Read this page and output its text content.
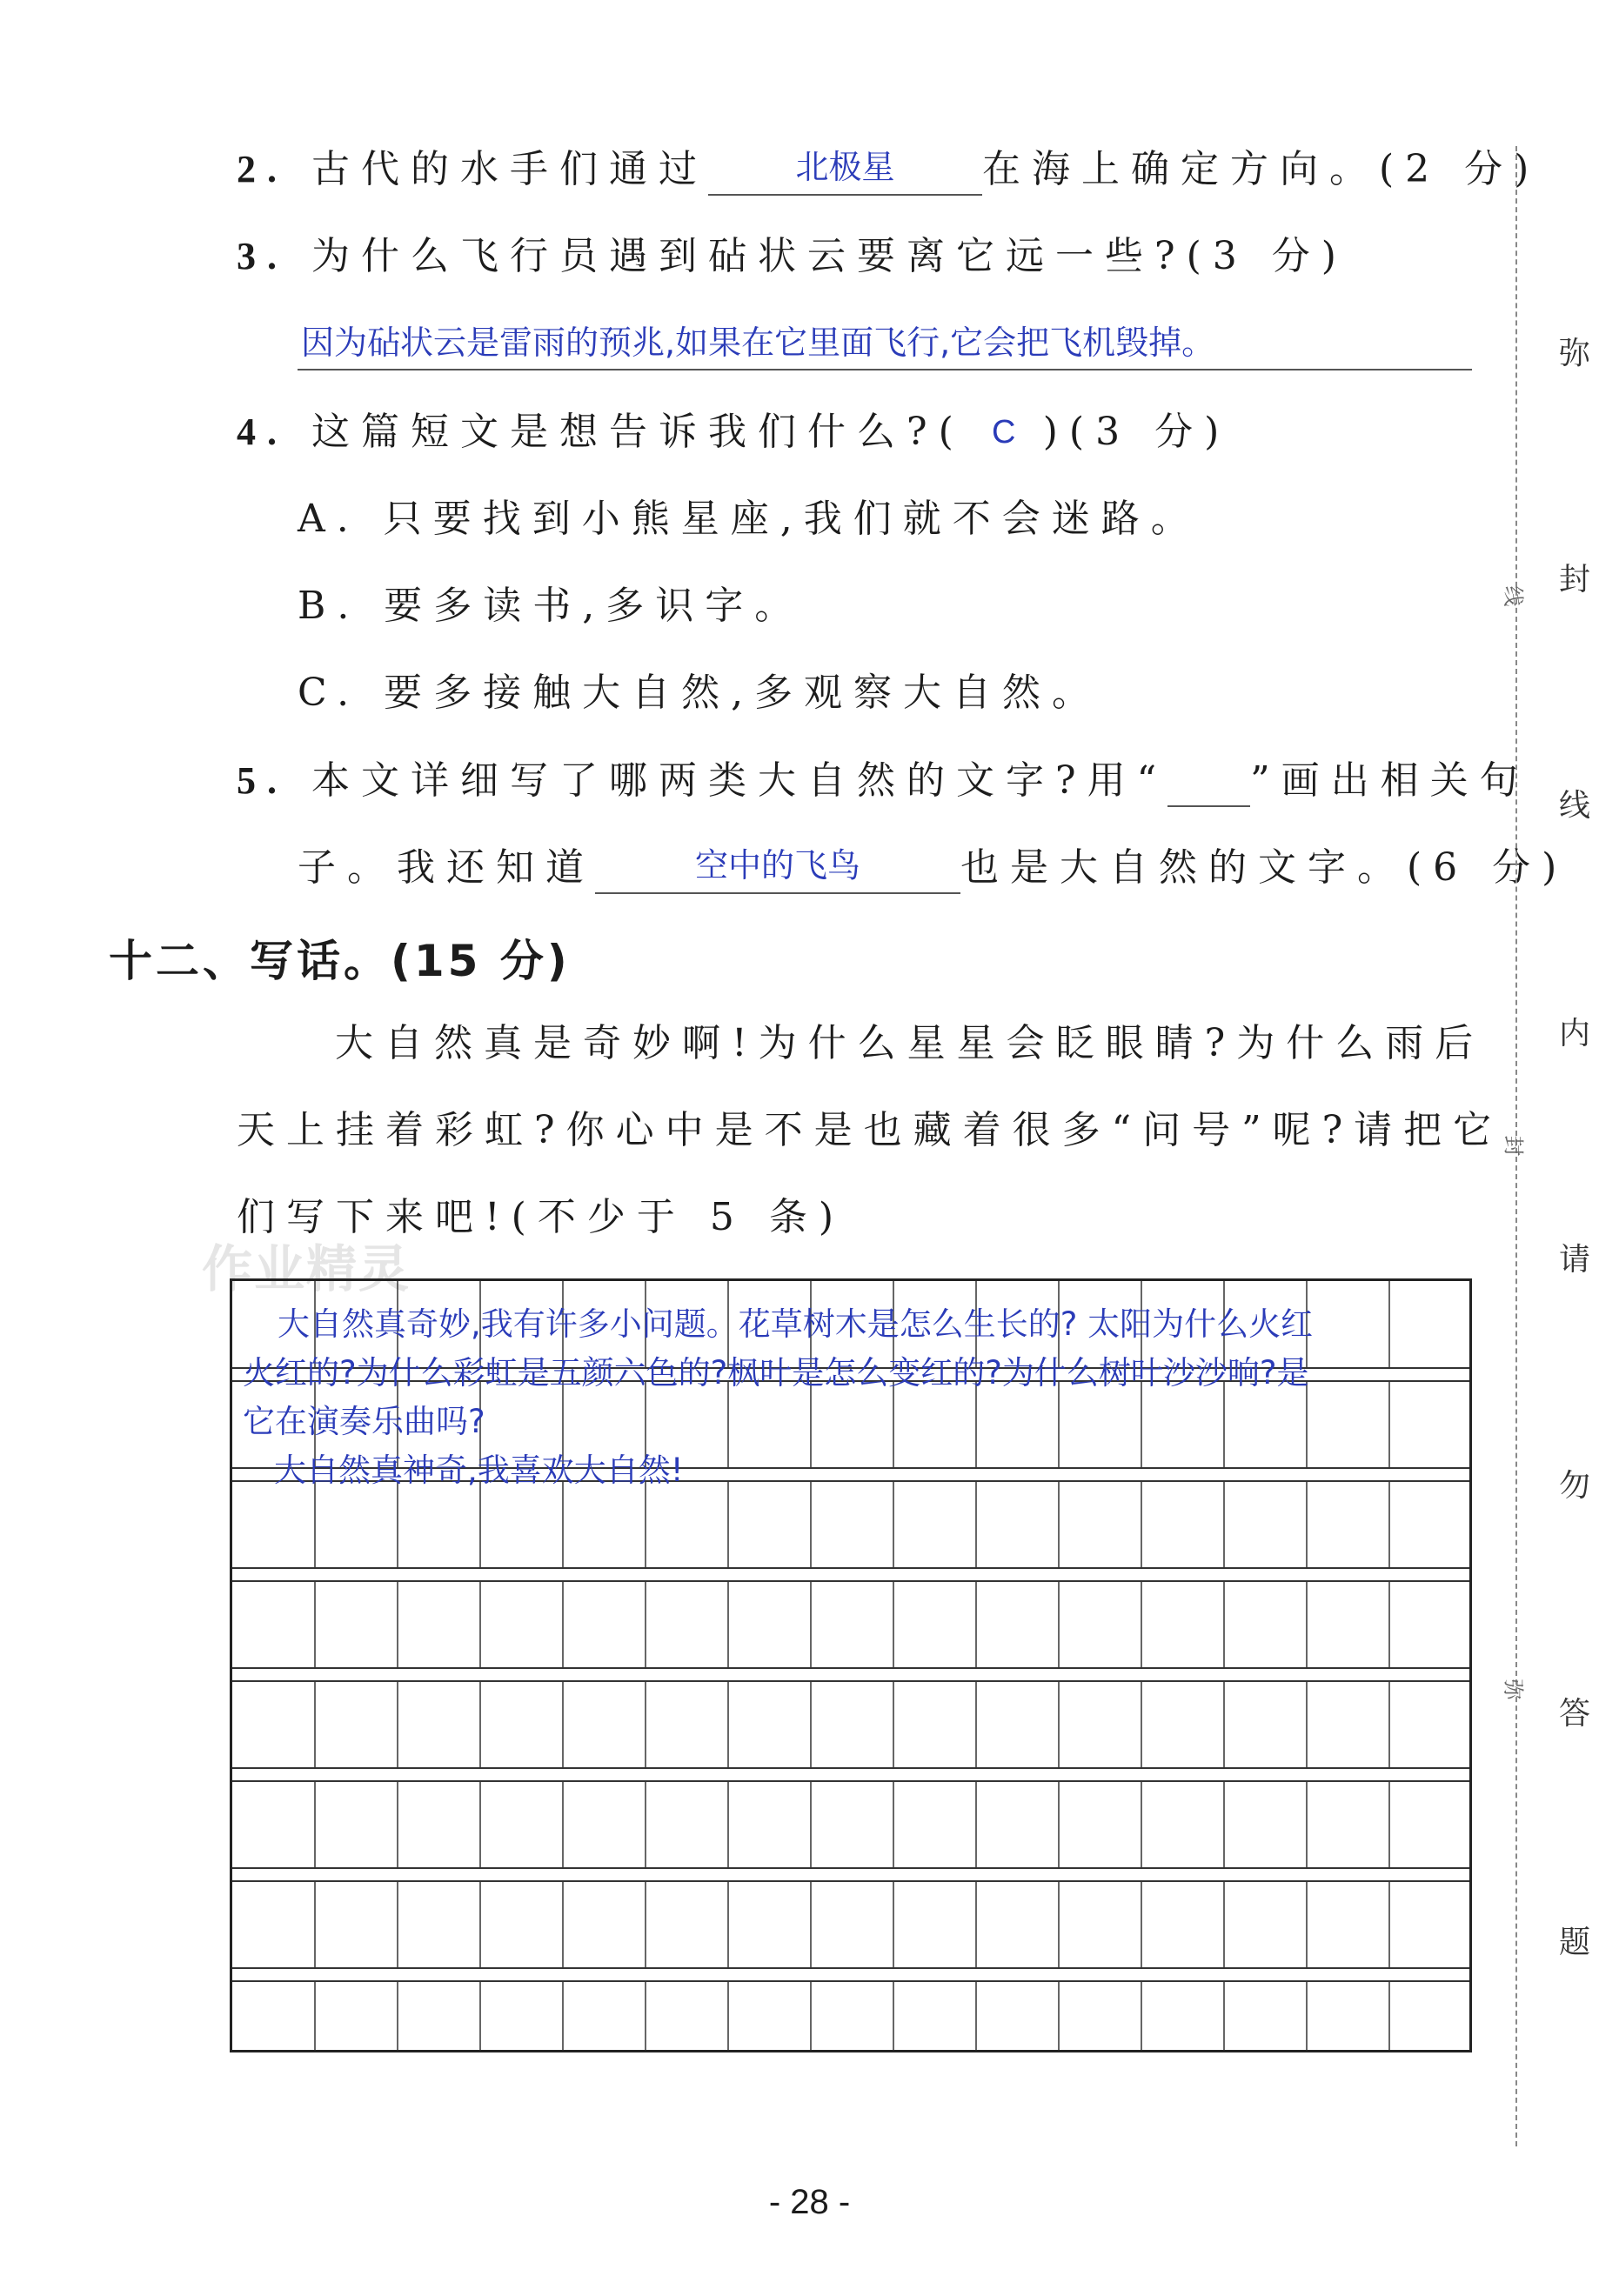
2. 古代的水手们通过	北极星	在海上确定方向。(2 分)
3. 为什么飞行员遇到砧状云要离它远一些?(3 分)
因为砧状云是雷雨的预兆,如果在它里面飞行,它会把飞机毁掉。
4. 这篇短文是想告诉我们什么?( C )(3 分)
A. 只要找到小熊星座,我们就不会迷路。
B. 要多读书,多识字。
C. 要多接触大自然,多观察大自然。
5. 本文详细写了哪两类大自然的文字?用“ ”画出相关句
子。我还知道	空中的飞鸟	也是大自然的文字。(6 分)
十二、写话。(15 分)
大自然真是奇妙啊!为什么星星会眨眼睛?为什么雨后
天上挂着彩虹?你心中是不是也藏着很多“问号”呢?请把它
们写下来吧!(不少于 5 条)
作业精灵
大自然真奇妙,我有许多小问题。花草树木是怎么生长的? 太阳为什么火红
火红的?为什么彩虹是五颜六色的?枫叶是怎么变红的?为什么树叶沙沙响?是
它在演奏乐曲吗?
大自然真神奇,我喜欢大自然!
弥
封
线
内
请
勿
答
题
线
封
弥
- 28 -
